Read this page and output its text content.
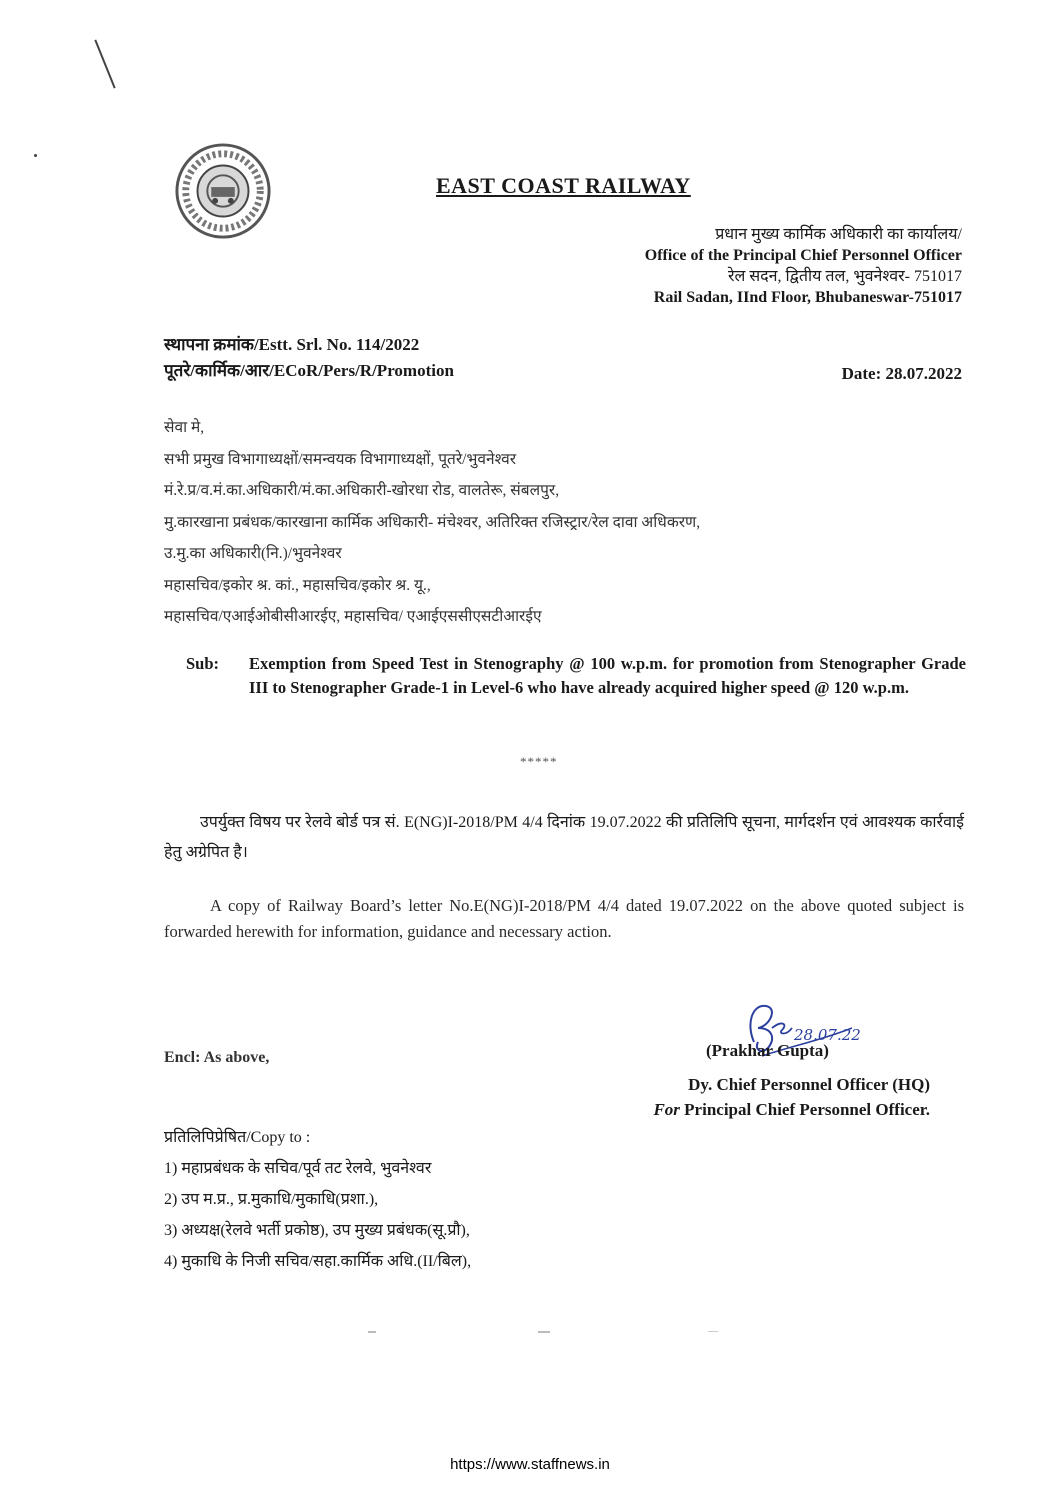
EAST COAST RAILWAY
प्रधान मुख्य कार्मिक अधिकारी का कार्यालय/
Office of the Principal Chief Personnel Officer
रेल सदन, द्वितीय तल, भुवनेश्वर- 751017
Rail Sadan, IInd Floor, Bhubaneswar-751017
स्थापना क्रमांक/Estt. Srl. No. 114/2022
पूतरे/कार्मिक/आर/ECoR/Pers/R/Promotion	Date: 28.07.2022
सेवा मे,
सभी प्रमुख विभागाध्यक्षों/समन्वयक विभागाध्यक्षों, पूतरे/भुवनेश्वर
मं.रे.प्र/व.मं.का.अधिकारी/मं.का.अधिकारी-खोरधा रोड, वालतेरू, संबलपुर,
मु.कारखाना प्रबंधक/कारखाना कार्मिक अधिकारी- मंचेश्वर, अतिरिक्त रजिस्ट्रार/रेल दावा अधिकरण,
उ.मु.का अधिकारी(नि.)/भुवनेश्वर
महासचिव/इकोर श्र. कां., महासचिव/इकोर श्र. यू.,
महासचिव/एआईओबीसीआरईए, महासचिव/ एआईएससीएसटीआरईए
Sub: Exemption from Speed Test in Stenography @ 100 w.p.m. for promotion from Stenographer Grade III to Stenographer Grade-1 in Level-6 who have already acquired higher speed @ 120 w.p.m.
*****
उपर्युक्त विषय पर रेलवे बोर्ड पत्र सं. E(NG)I-2018/PM 4/4 दिनांक 19.07.2022 की प्रतिलिपि सूचना, मार्गदर्शन एवं आवश्यक कार्रवाई हेतु अग्रेपित है।
A copy of Railway Board’s letter No.E(NG)I-2018/PM 4/4 dated 19.07.2022 on the above quoted subject is forwarded herewith for information, guidance and necessary action.
28.07.22
(Prakhar Gupta)
Dy. Chief Personnel Officer (HQ)
For Principal Chief Personnel Officer.
Encl: As above,
प्रतिलिपिप्रेषित/Copy to :
1) महाप्रबंधक के सचिव/पूर्व तट रेलवे, भुवनेश्वर
2) उप म.प्र., प्र.मुकाधि/मुकाधि(प्रशा.),
3) अध्यक्ष(रेलवे भर्ती प्रकोष्ठ), उप मुख्य प्रबंधक(सू.प्रौ),
4) मुकाधि के निजी सचिव/सहा.कार्मिक अधि.(II/बिल),
https://www.staffnews.in
